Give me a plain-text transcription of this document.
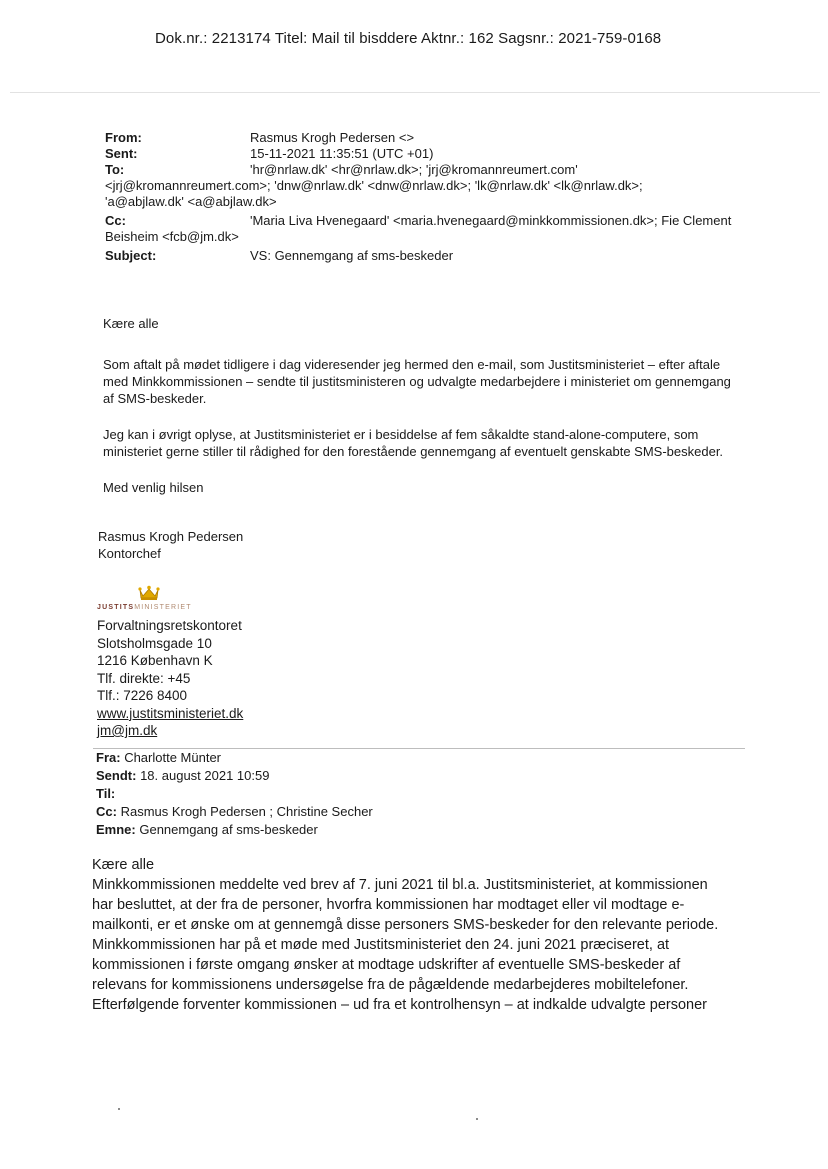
Dok.nr.: 2213174 Titel: Mail til bisddere Aktnr.: 162 Sagsnr.: 2021-759-0168
From:	Rasmus Krogh Pedersen <>
Sent:	15-11-2021 11:35:51 (UTC +01)
To:	'hr@nrlaw.dk' <hr@nrlaw.dk>; 'jrj@kromannreumert.com'
<jrj@kromannreumert.com>; 'dnw@nrlaw.dk' <dnw@nrlaw.dk>; 'lk@nrlaw.dk' <lk@nrlaw.dk>;
'a@abjlaw.dk' <a@abjlaw.dk>
Cc:	'Maria Liva Hvenegaard' <maria.hvenegaard@minkkommissionen.dk>; Fie Clement
Beisheim <fcb@jm.dk>
Subject:	VS: Gennemgang af sms-beskeder

Kære alle

Som aftalt på mødet tidligere i dag videresender jeg hermed den e-mail, som Justitsministeriet – efter aftale med Minkkommissionen – sendte til justitsministeren og udvalgte medarbejdere i ministeriet om gennemgang af SMS-beskeder.

Jeg kan i øvrigt oplyse, at Justitsministeriet er i besiddelse af fem såkaldte stand-alone-computere, som ministeriet gerne stiller til rådighed for den forestående gennemgang af eventuelt genskabte SMS-beskeder.

Med venlig hilsen

Rasmus Krogh Pedersen
Kontorchef
JUSTITSMINISTERIET
Forvaltningsretskontoret
Slotsholmsgade 10
1216 København K
Tlf. direkte: +45
Tlf.: 7226 8400
www.justitsministeriet.dk
jm@jm.dk
Fra: Charlotte Münter
Sendt: 18. august 2021 10:59
Til:
Cc: Rasmus Krogh Pedersen ; Christine Secher
Emne: Gennemgang af sms-beskeder

Kære alle

Minkkommissionen meddelte ved brev af 7. juni 2021 til bl.a. Justitsministeriet, at kommissionen

har besluttet, at der fra de personer, hvorfra kommissionen har modtaget eller vil modtage e-

mailkonti, er et ønske om at gennemgå disse personers SMS-beskeder for den relevante periode.

Minkkommissionen har på et møde med Justitsministeriet den 24. juni 2021 præciseret, at

kommissionen i første omgang ønsker at modtage udskrifter af eventuelle SMS-beskeder af

relevans for kommissionens undersøgelse fra de pågældende medarbejderes mobiltelefoner.

Efterfølgende forventer kommissionen – ud fra et kontrolhensyn – at indkalde udvalgte personer
